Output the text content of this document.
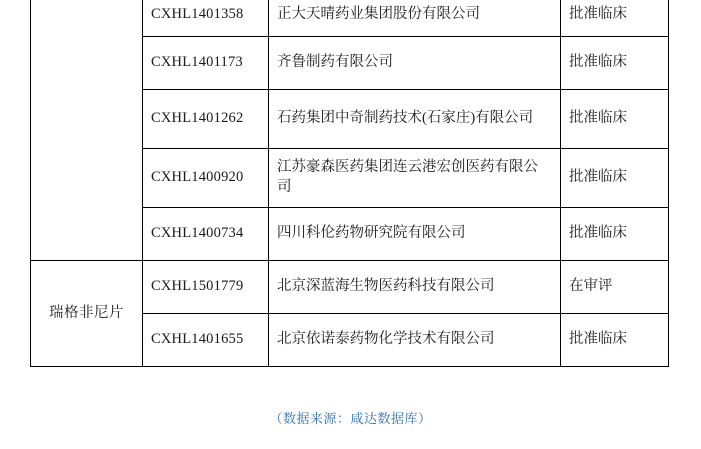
	CXHL1401358	正大天晴药业集团股份有限公司	批准临床
	CXHL1401173	齐鲁制药有限公司	批准临床
	CXHL1401262	石药集团中奇制药技术(石家庄)有限公司	批准临床
	CXHL1400920	江苏豪森医药集团连云港宏创医药有限公司	批准临床
	CXHL1400734	四川科伦药物研究院有限公司	批准临床
瑞格非尼片	CXHL1501779	北京深蓝海生物医药科技有限公司	在审评
	CXHL1401655	北京依诺泰药物化学技术有限公司	批准临床
（数据来源：咸达数据库）
